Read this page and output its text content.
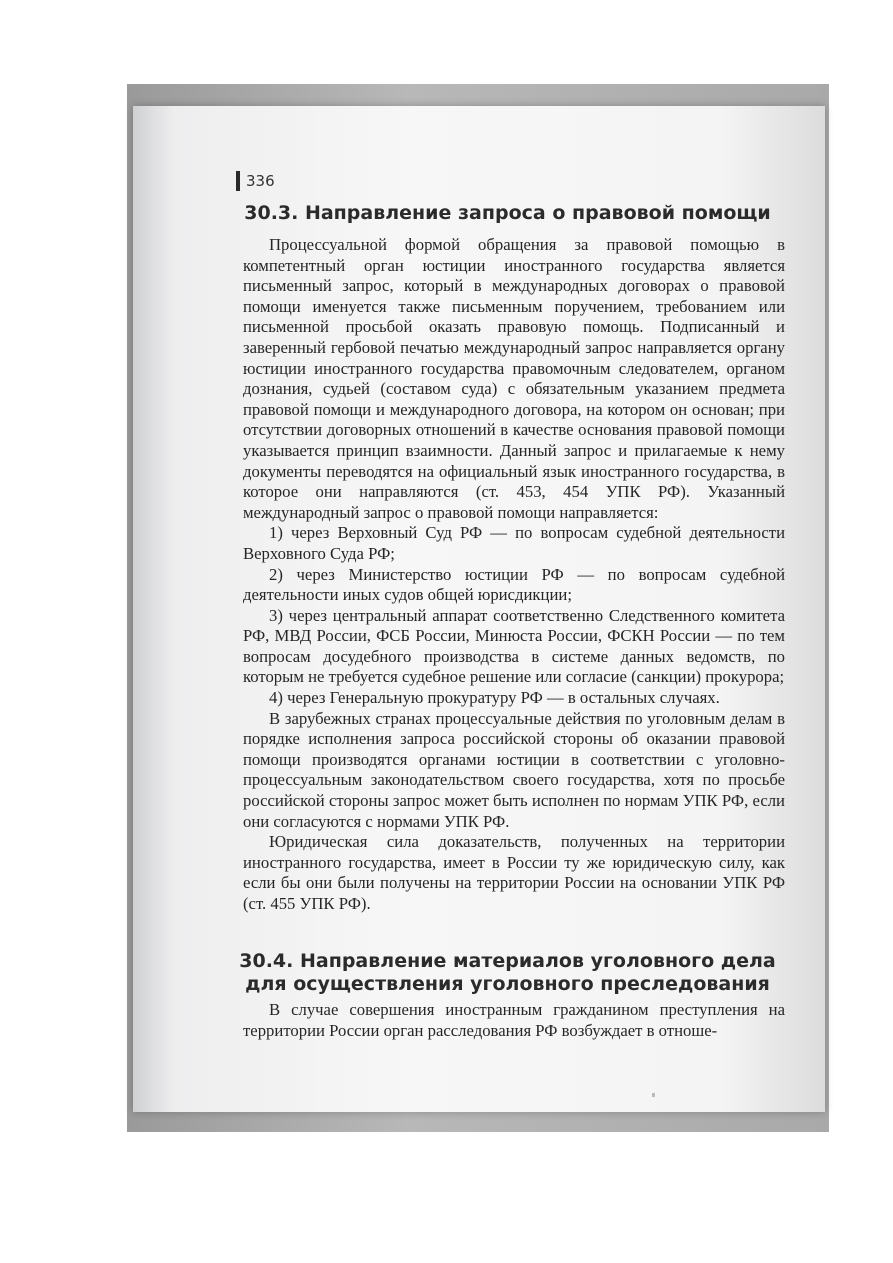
336
30.3. Направление запроса о правовой помощи

Процессуальной формой обращения за правовой помощью в компетентный орган юстиции иностранного государства является письменный запрос, который в международных договорах о правовой помощи именуется также письменным поручением, требованием или письменной просьбой оказать правовую помощь. Подписанный и заверенный гербовой печатью международный запрос направляется органу юстиции иностранного государства правомочным следователем, органом дознания, судьей (составом суда) с обязательным указанием предмета правовой помощи и международного договора, на котором он основан; при отсутствии договорных отношений в качестве основания правовой помощи указывается принцип взаимности. Данный запрос и прилагаемые к нему документы переводятся на официальный язык иностранного государства, в которое они направляются (ст. 453, 454 УПК РФ). Указанный международный запрос о правовой помощи направляется:

1) через Верховный Суд РФ — по вопросам судебной деятельности Верховного Суда РФ;

2) через Министерство юстиции РФ — по вопросам судебной деятельности иных судов общей юрисдикции;

3) через центральный аппарат соответственно Следственного комитета РФ, МВД России, ФСБ России, Минюста России, ФСКН России — по тем вопросам досудебного производства в системе данных ведомств, по которым не требуется судебное решение или согласие (санкции) прокурора;

4) через Генеральную прокуратуру РФ — в остальных случаях.

В зарубежных странах процессуальные действия по уголовным делам в порядке исполнения запроса российской стороны об оказании правовой помощи производятся органами юстиции в соответствии с уголовно-процессуальным законодательством своего государства, хотя по просьбе российской стороны запрос может быть исполнен по нормам УПК РФ, если они согласуются с нормами УПК РФ.

Юридическая сила доказательств, полученных на территории иностранного государства, имеет в России ту же юридическую силу, как если бы они были получены на территории России на основании УПК РФ (ст. 455 УПК РФ).

30.4. Направление материалов уголовного дела
для осуществления уголовного преследования

В случае совершения иностранным гражданином преступления на территории России орган расследования РФ возбуждает в отноше-
